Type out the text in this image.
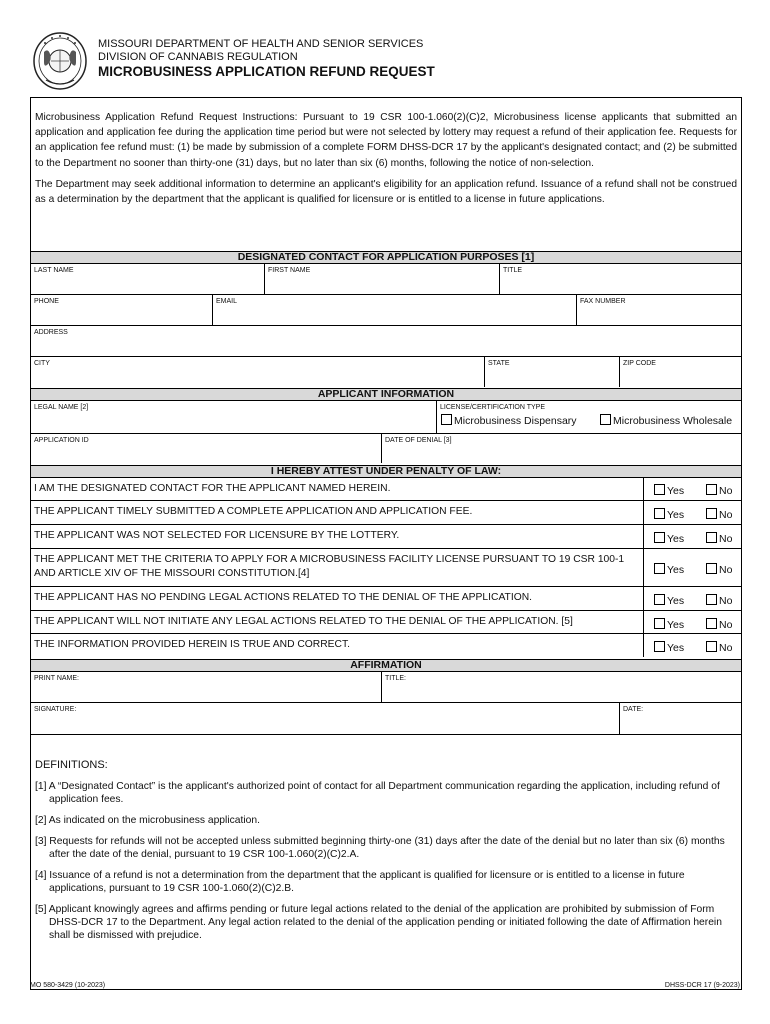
MISSOURI DEPARTMENT OF HEALTH AND SENIOR SERVICES
DIVISION OF CANNABIS REGULATION
MICROBUSINESS APPLICATION REFUND REQUEST

Microbusiness Application Refund Request Instructions: Pursuant to 19 CSR 100-1.060(2)(C)2, Microbusiness license applicants that submitted an application and application fee during the application time period but were not selected by lottery may request a refund of their application fee. Requests for an application fee refund must: (1) be made by submission of a complete FORM DHSS-DCR 17 by the applicant's designated contact; and (2) be submitted to the Department no sooner than thirty-one (31) days, but no later than six (6) months, following the notice of non-selection.

The Department may seek additional information to determine an applicant's eligibility for an application refund. Issuance of a refund shall not be construed as a determination by the department that the applicant is qualified for licensure or is entitled to a license in future applications.

DESIGNATED CONTACT FOR APPLICATION PURPOSES [1]
LAST NAME	FIRST NAME	TITLE
PHONE	EMAIL	FAX NUMBER
ADDRESS
CITY	STATE	ZIP CODE
APPLICANT INFORMATION
LEGAL NAME [2]	LICENSE/CERTIFICATION TYPE
Microbusiness Dispensary	Microbusiness Wholesale
APPLICATION ID	DATE OF DENIAL [3]
I HEREBY ATTEST UNDER PENALTY OF LAW:
I AM THE DESIGNATED CONTACT FOR THE APPLICANT NAMED HEREIN.	Yes	No
THE APPLICANT TIMELY SUBMITTED A COMPLETE APPLICATION AND APPLICATION FEE.	Yes	No
THE APPLICANT WAS NOT SELECTED FOR LICENSURE BY THE LOTTERY.	Yes	No
THE APPLICANT MET THE CRITERIA TO APPLY FOR A MICROBUSINESS FACILITY LICENSE PURSUANT TO 19 CSR 100-1 AND ARTICLE XIV OF THE MISSOURI CONSTITUTION.[4]	Yes	No
THE APPLICANT HAS NO PENDING LEGAL ACTIONS RELATED TO THE DENIAL OF THE APPLICATION.	Yes	No
THE APPLICANT WILL NOT INITIATE ANY LEGAL ACTIONS RELATED TO THE DENIAL OF THE APPLICATION. [5]	Yes	No
THE INFORMATION PROVIDED HEREIN IS TRUE AND CORRECT.	Yes	No
AFFIRMATION
PRINT NAME:	TITLE:
SIGNATURE:	DATE:
DEFINITIONS:
[1] A “Designated Contact” is the applicant's authorized point of contact for all Department communication regarding the application, including refund of application fees.
[2] As indicated on the microbusiness application.
[3] Requests for refunds will not be accepted unless submitted beginning thirty-one (31) days after the date of the denial but no later than six (6) months after the date of the denial, pursuant to 19 CSR 100-1.060(2)(C)2.A.
[4] Issuance of a refund is not a determination from the department that the applicant is qualified for licensure or is entitled to a license in future applications, pursuant to 19 CSR 100-1.060(2)(C)2.B.
[5] Applicant knowingly agrees and affirms pending or future legal actions related to the denial of the application are prohibited by submission of Form DHSS-DCR 17 to the Department. Any legal action related to the denial of the application pending or initiated following the date of Affirmation herein shall be dismissed with prejudice.
MO 580-3429 (10-2023)	DHSS-DCR 17 (9-2023)
